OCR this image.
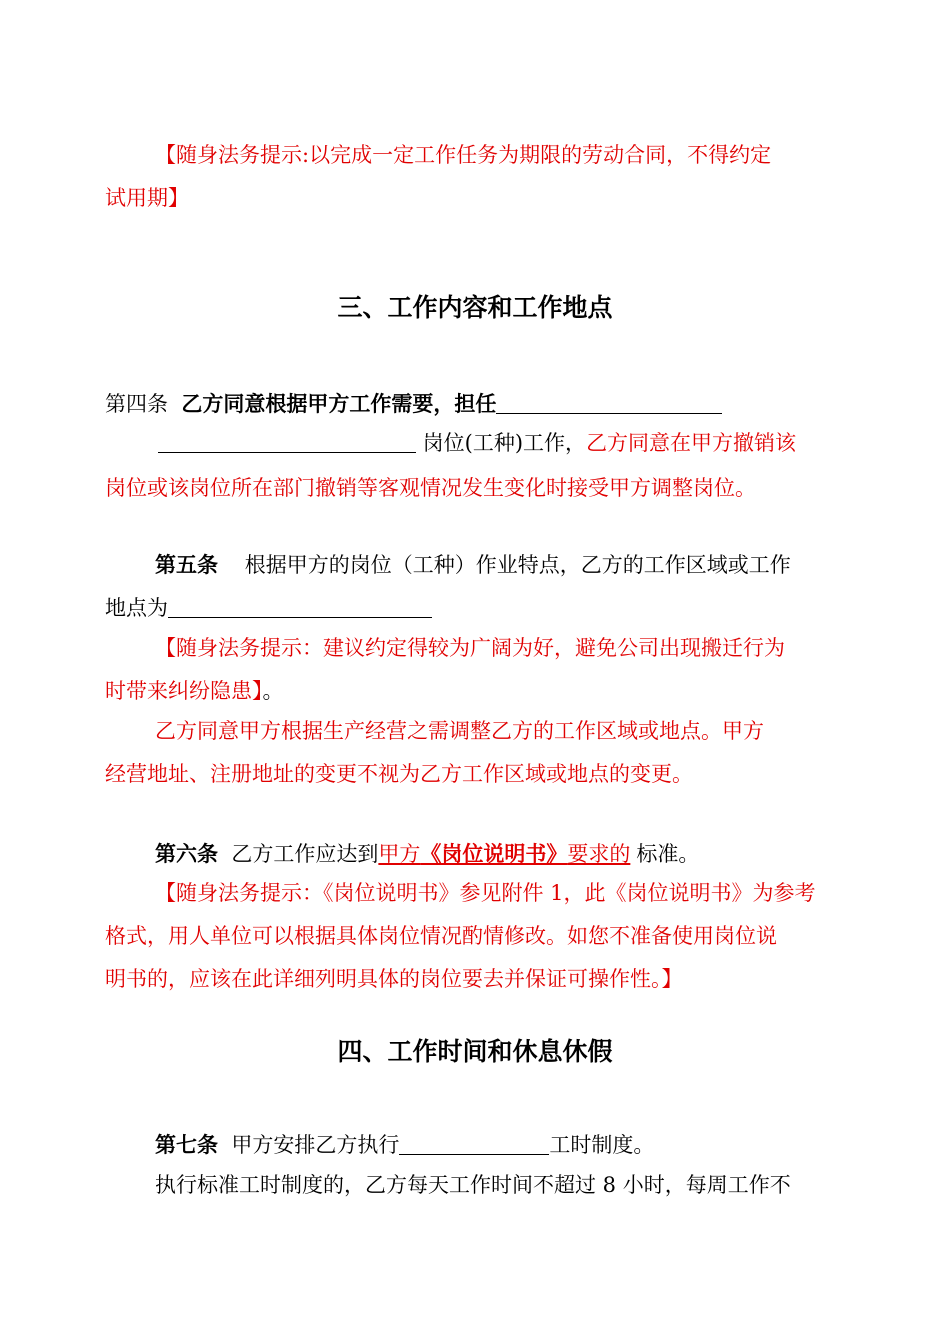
【随身法务提示:以完成一定工作任务为期限的劳动合同，不得约定
试用期】
三、工作内容和工作地点
第四条 乙方同意根据甲方工作需要，担任
岗位(工种)工作，乙方同意在甲方撤销该
岗位或该岗位所在部门撤销等客观情况发生变化时接受甲方调整岗位。
第五条 根据甲方的岗位（工种）作业特点，乙方的工作区域或工作
地点为
【随身法务提示：建议约定得较为广阔为好，避免公司出现搬迁行为
时带来纠纷隐患】。
乙方同意甲方根据生产经营之需调整乙方的工作区域或地点。甲方
经营地址、注册地址的变更不视为乙方工作区域或地点的变更。
第六条 乙方工作应达到甲方《岗位说明书》要求的 标准。
【随身法务提示：《岗位说明书》参见附件 1，此《岗位说明书》为参考
格式，用人单位可以根据具体岗位情况酌情修改。如您不准备使用岗位说
明书的，应该在此详细列明具体的岗位要去并保证可操作性。】
四、工作时间和休息休假
第七条 甲方安排乙方执行	工时制度。
执行标准工时制度的，乙方每天工作时间不超过 8 小时，每周工作不
